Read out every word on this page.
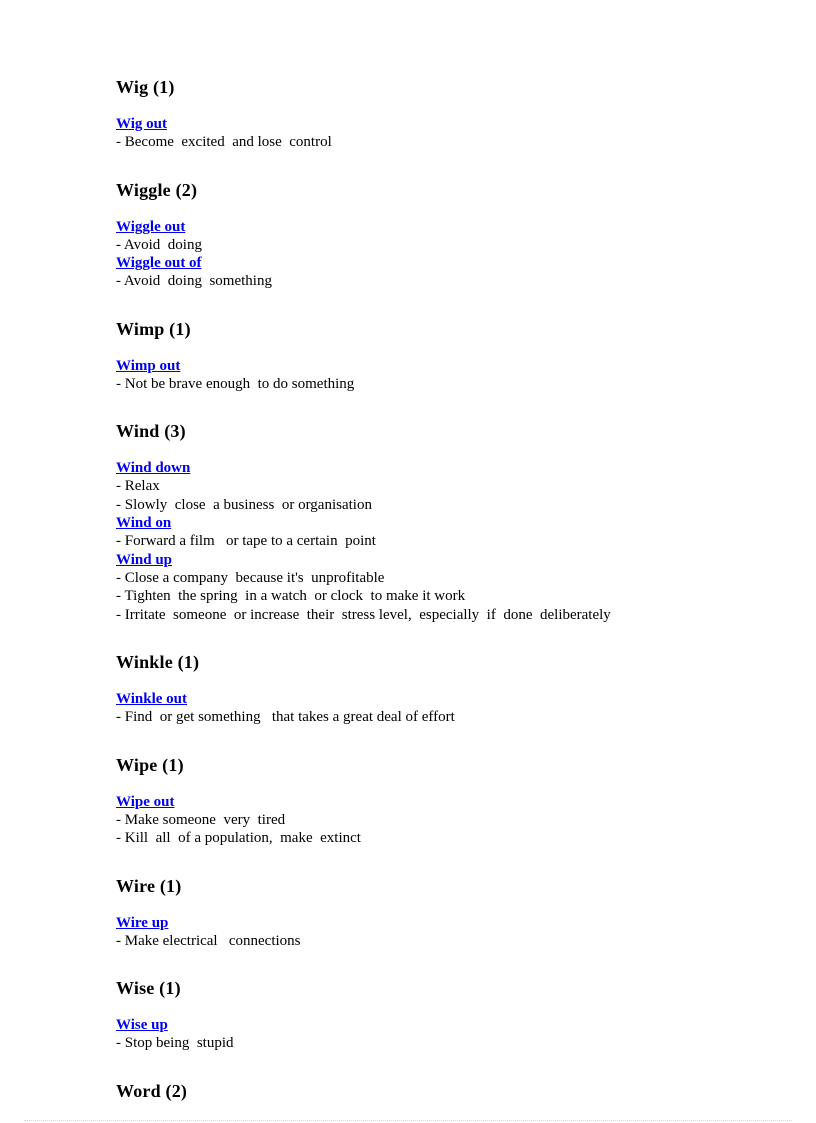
Wig (1)
Wig out
- Become  excited  and lose  control
Wiggle (2)
Wiggle out
- Avoid  doing
Wiggle out of
- Avoid  doing  something
Wimp (1)
Wimp out
- Not be brave enough  to do something
Wind (3)
Wind down
- Relax
- Slowly  close  a business  or organisation
Wind on
- Forward a film   or tape to a certain  point
Wind up
- Close a company  because it's  unprofitable
- Tighten  the spring  in a watch  or clock  to make it work
- Irritate  someone  or increase  their  stress level,  especially  if  done  deliberately
Winkle (1)
Winkle out
- Find  or get something   that takes a great deal of effort
Wipe (1)
Wipe out
- Make someone  very  tired
- Kill  all  of a population,  make  extinct
Wire (1)
Wire up
- Make electrical   connections
Wise (1)
Wise up
- Stop being  stupid
Word (2)
